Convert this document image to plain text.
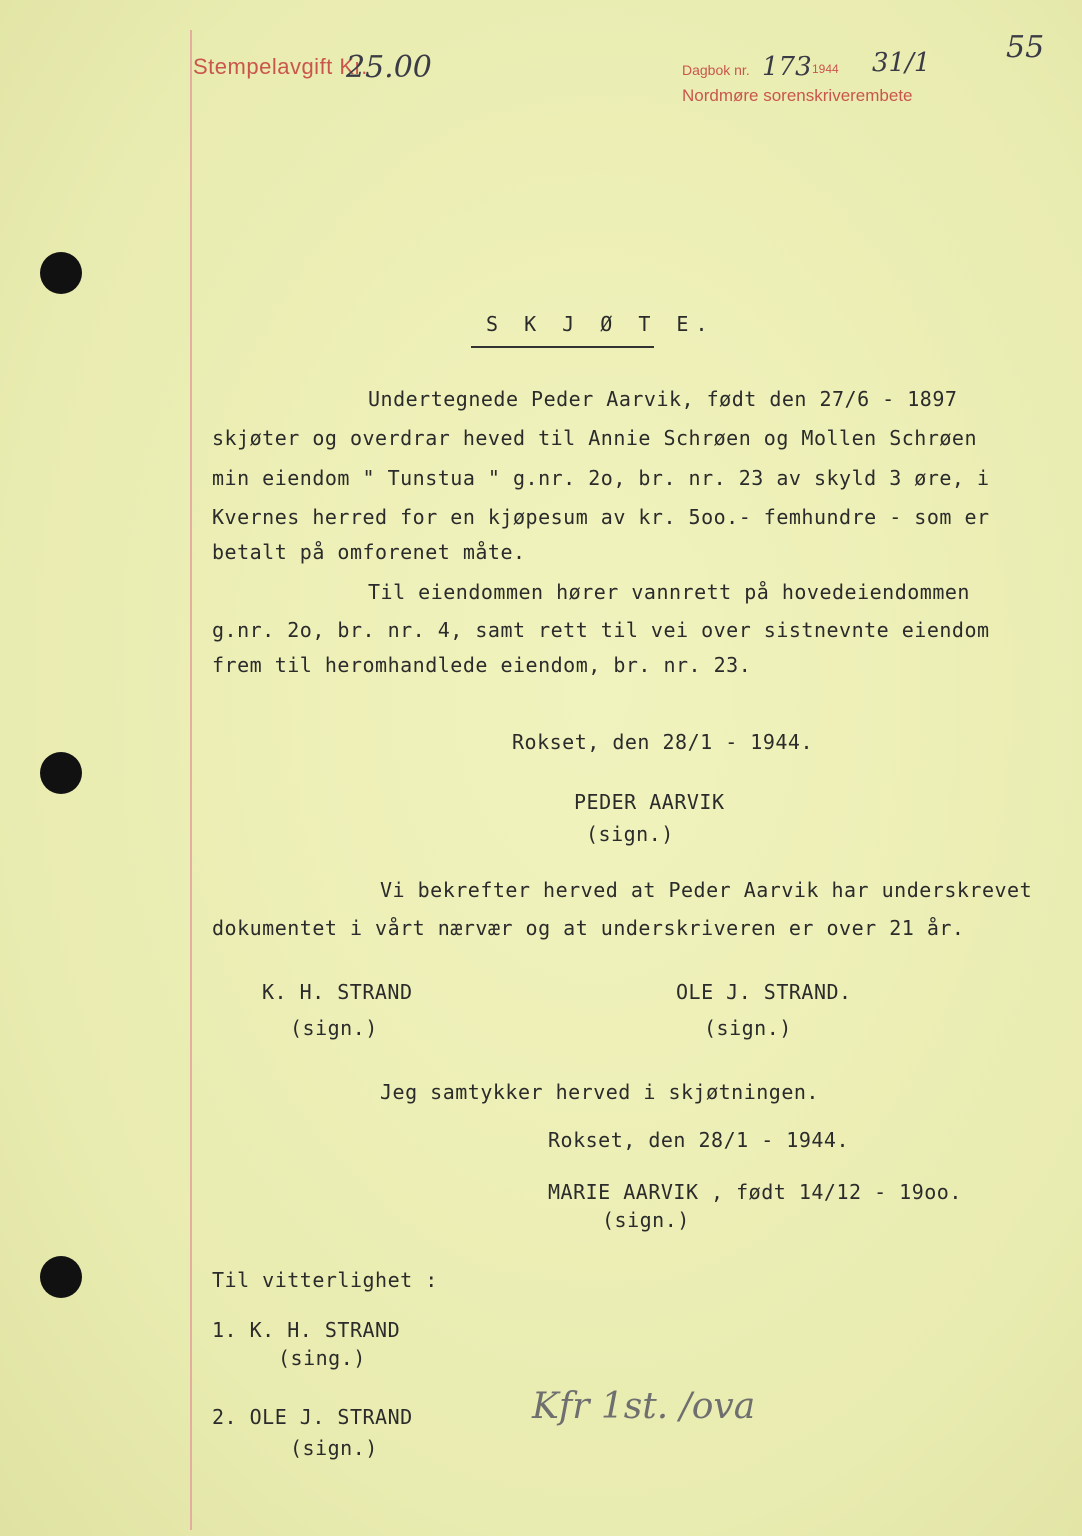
Stempelavgift Kr.
25.00	Dagbok nr. 173 1944 31/1
Nordmøre sorenskriverembete
55
S K J Ø T E.
Undertegnede Peder Aarvik, født den 27/6 - 1897
skjøter og overdrar heved til Annie Schrøen og Mollen Schrøen
min eiendom " Tunstua " g.nr. 2o, br. nr. 23 av skyld 3 øre, i
Kvernes herred for en kjøpesum av kr. 5oo.- femhundre - som er
betalt på omforenet måte.
Til eiendommen hører vannrett på hovedeiendommen
g.nr. 2o, br. nr. 4, samt rett til vei over sistnevnte eiendom
frem til heromhandlede eiendom, br. nr. 23.
Rokset, den 28/1 - 1944.
PEDER AARVIK
(sign.)
Vi bekrefter herved at Peder Aarvik har underskrevet
dokumentet i vårt nærvær og at underskriveren er over 21 år.
K. H. STRAND
(sign.)
OLE J. STRAND.
(sign.)
Jeg samtykker herved i skjøtningen.
Rokset, den 28/1 - 1944.
MARIE AARVIK , født 14/12 - 19oo.
(sign.)
Til vitterlighet :
1. K. H. STRAND
(sing.)
2. OLE J. STRAND
(sign.)
Kfr 1st. /ova
